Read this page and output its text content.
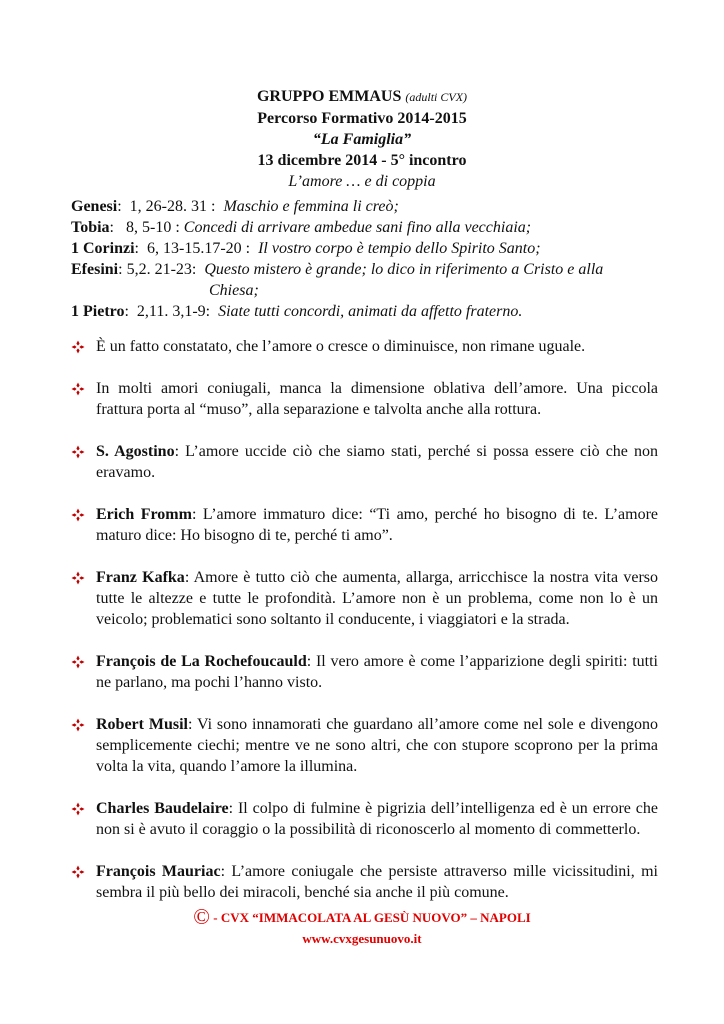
GRUPPO EMMAUS (adulti CVX)
Percorso Formativo 2014-2015
“La Famiglia”
13 dicembre 2014 - 5° incontro
L’amore … e di coppia
Genesi:  1, 26-28. 31 :  Maschio e femmina li creò;
Tobia:   8, 5-10 : Concedi di arrivare ambedue sani fino alla vecchiaia;
1 Corinzi:  6, 13-15.17-20 :  Il vostro corpo è tempio dello Spirito Santo;
Efesini: 5,2. 21-23:  Questo mistero è grande; lo dico in riferimento a Cristo e alla
Chiesa;
1 Pietro:  2,11. 3,1-9:  Siate tutti concordi, animati da affetto fraterno.
È un fatto constatato, che l’amore o cresce o diminuisce, non rimane uguale.
In molti amori coniugali, manca la dimensione oblativa dell’amore. Una piccola frattura porta al “muso”, alla separazione e talvolta anche alla rottura.
S. Agostino: L’amore uccide ciò che siamo stati, perché si possa essere ciò che non eravamo.
Erich Fromm: L’amore immaturo dice: “Ti amo, perché ho bisogno di te. L’amore maturo dice: Ho bisogno di te, perché ti amo”.
Franz Kafka: Amore è tutto ciò che aumenta, allarga, arricchisce la nostra vita verso tutte le altezze e tutte le profondità. L’amore non è un problema, come non lo è un veicolo; problematici sono soltanto il conducente, i viaggiatori e la strada.
François de La Rochefoucauld: Il vero amore è come l’apparizione degli spiriti: tutti ne parlano, ma pochi l’hanno visto.
Robert Musil: Vi sono innamorati che guardano all’amore come nel sole e divengono semplicemente ciechi; mentre ve ne sono altri, che con stupore scoprono per la prima volta la vita, quando l’amore la illumina.
Charles Baudelaire: Il colpo di fulmine è pigrizia dell’intelligenza ed è un errore che non si è avuto il coraggio o la possibilità di riconoscerlo al momento di commetterlo.
François Mauriac: L’amore coniugale che persiste attraverso mille vicissitudini, mi sembra il più bello dei miracoli, benché sia anche il più comune.
© - CVX “IMMACOLATA AL GESÙ NUOVO” – NAPOLI
www.cvxgesunuovo.it
